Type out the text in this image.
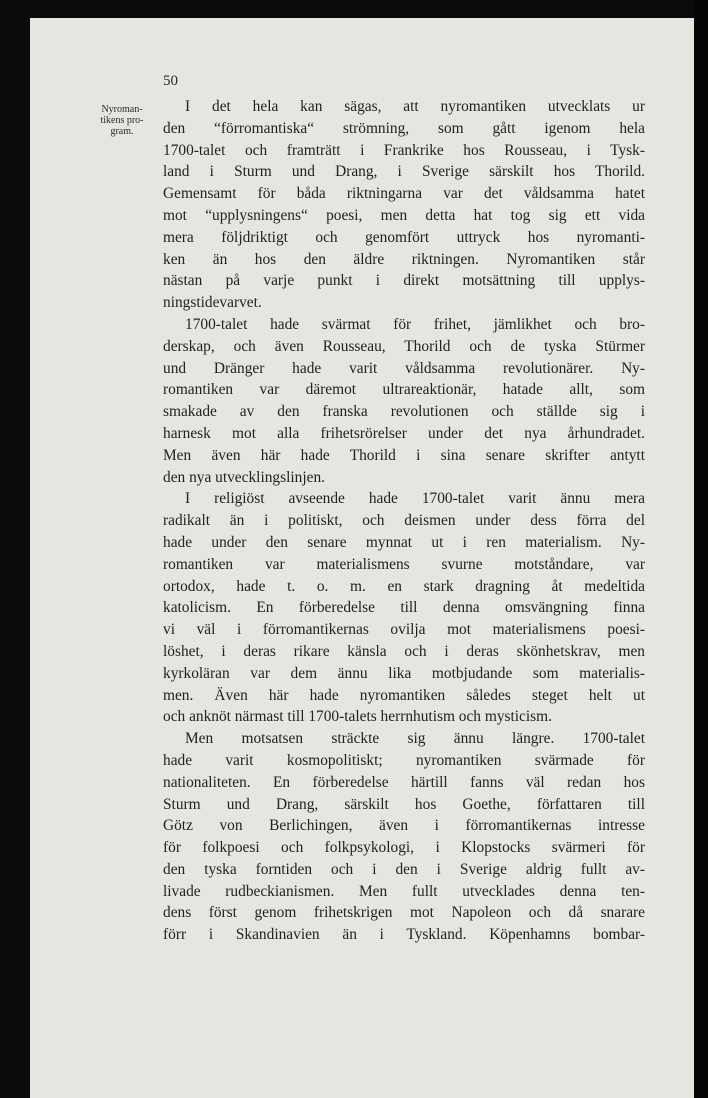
50

Nyroman-
tikens pro-
gram.
I det hela kan sägas, att nyromantiken utvecklats ur
den “förromantiska“ strömning, som gått igenom hela
1700-talet och framträtt i Frankrike hos Rousseau, i Tysk-
land i Sturm und Drang, i Sverige särskilt hos Thorild.
Gemensamt för båda riktningarna var det våldsamma hatet
mot “upplysningens“ poesi, men detta hat tog sig ett vida
mera följdriktigt och genomfört uttryck hos nyromanti-
ken än hos den äldre riktningen. Nyromantiken står
nästan på varje punkt i direkt motsättning till upplys-
ningstidevarvet.
1700-talet hade svärmat för frihet, jämlikhet och bro-
derskap, och även Rousseau, Thorild och de tyska Stürmer
und Dränger hade varit våldsamma revolutionärer. Ny-
romantiken var däremot ultrareaktionär, hatade allt, som
smakade av den franska revolutionen och ställde sig i
harnesk mot alla frihetsrörelser under det nya århundradet.
Men även här hade Thorild i sina senare skrifter antytt
den nya utvecklingslinjen.
I religiöst avseende hade 1700-talet varit ännu mera
radikalt än i politiskt, och deismen under dess förra del
hade under den senare mynnat ut i ren materialism. Ny-
romantiken var materialismens svurne motståndare, var
ortodox, hade t. o. m. en stark dragning åt medeltida
katolicism. En förberedelse till denna omsvängning finna
vi väl i förromantikernas ovilja mot materialismens poesi-
löshet, i deras rikare känsla och i deras skönhetskrav, men
kyrkoläran var dem ännu lika motbjudande som materialis-
men. Även här hade nyromantiken således steget helt ut
och anknöt närmast till 1700-talets herrnhutism och mysticism.
Men motsatsen sträckte sig ännu längre. 1700-talet
hade varit kosmopolitiskt; nyromantiken svärmade för
nationaliteten. En förberedelse härtill fanns väl redan hos
Sturm und Drang, särskilt hos Goethe, författaren till
Götz von Berlichingen, även i förromantikernas intresse
för folkpoesi och folkpsykologi, i Klopstocks svärmeri för
den tyska forntiden och i den i Sverige aldrig fullt av-
livade rudbeckianismen. Men fullt utvecklades denna ten-
dens först genom frihetskrigen mot Napoleon och då snarare
förr i Skandinavien än i Tyskland. Köpenhamns bombar-
